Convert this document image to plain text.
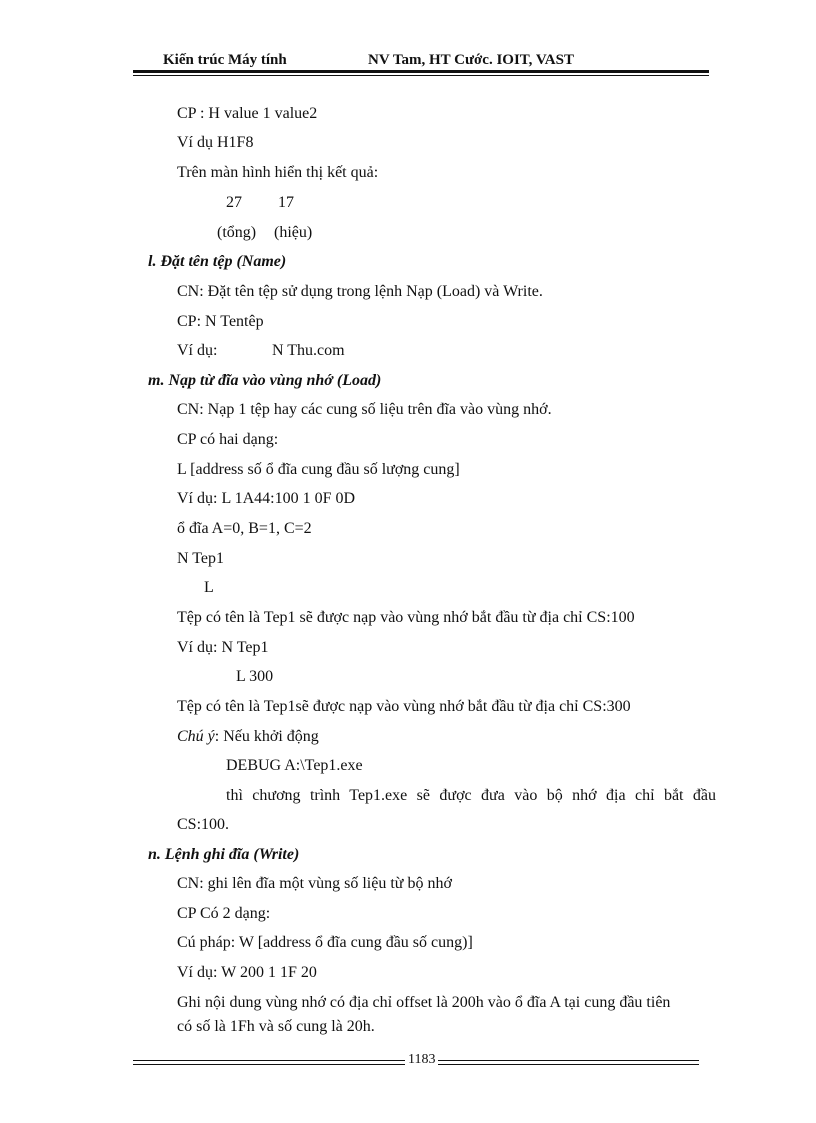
Kiến trúc Máy tính	NV Tam, HT Cước. IOIT, VAST
CP : H value 1 value2
Ví dụ H1F8
Trên màn hình hiển thị kết quả:
27 17
(tổng) (hiệu)
l. Đặt tên tệp (Name)
CN: Đặt tên tệp sử dụng trong lệnh Nạp (Load) và Write.
CP: N Tentêp
Ví dụ:	N Thu.com
m. Nạp từ đĩa vào vùng nhớ (Load)
CN: Nạp 1 tệp hay các cung số liệu trên đĩa vào vùng nhớ.
CP có hai dạng:
L [address số ổ đĩa cung đầu số lượng cung]
Ví dụ: L 1A44:100 1 0F 0D
ổ đĩa A=0, B=1, C=2
N Tep1
L
Tệp có tên là Tep1 sẽ được nạp vào vùng nhớ bắt đầu từ địa chỉ CS:100
Ví dụ: N Tep1
L 300
Tệp có tên là Tep1sẽ được nạp vào vùng nhớ bắt đầu từ địa chỉ CS:300
Chú ý: Nếu khởi động
DEBUG A:\Tep1.exe
thì chương trình Tep1.exe sẽ được đưa vào bộ nhớ địa chỉ bắt đầu
CS:100.
n. Lệnh ghi đĩa (Write)
CN: ghi lên đĩa một vùng số liệu từ bộ nhớ
CP Có 2 dạng:
Cú pháp: W [address ổ đĩa cung đầu số cung)]
Ví dụ: W 200 1 1F 20
Ghi nội dung vùng nhớ có địa chỉ offset là 200h vào ổ đĩa A tại cung đầu tiên
có số là 1Fh và số cung là 20h.
1183
